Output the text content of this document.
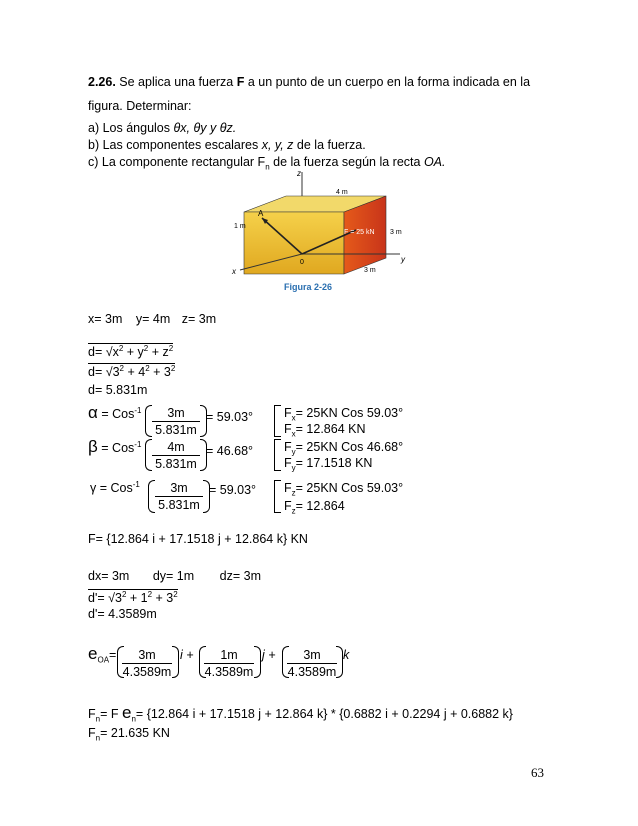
2.26. Se aplica una fuerza F a un punto de un cuerpo en la forma indicada en la
figura. Determinar:
a) Los ángulos θx, θy y θz.
b) Las componentes escalares x, y, z de la fuerza.
c) La componente rectangular $F_n$ de la fuerza según la recta OA.
z
x
y
4 m
1 m
3 m
3 m
A
F = 25 kN
0
Figura 2-26
x= 3m y= 4m z= 3m
$d= √x^2 + y^2 + z^2$
$d= √3^2 + 4^2 + 3^2$
d= 5.831m
$\alpha = Cos^{-1} \frac{3m}{5.831m} = 59.03^\circ$ $F_x= 25KN$ Cos 59.03°
$F_x= 12.864$ KN
$\beta = Cos^{-1} \frac{4m}{5.831m} = 46.68^\circ$ $F_y= 25KN$ Cos 46.68°
$F_y= 17.1518$ KN
$\gamma = Cos^{-1} \frac{3m}{5.831m} = 59.03^\circ$ $F_z= 25KN$ Cos 59.03°
$F_z= 12.864$
F= {12.864 i + 17.1518 j + 12.864 k} KN
dx= 3m dy= 1m dz= 3m
$d'= √3^2 + 1^2 + 3^2$
d'= 4.3589m
$e_{OA}= \frac{3m}{4.3589m}$ $i + \frac{1m}{4.3589m}$ $j + \frac{3m}{4.3589m}$ k
$F_n= F$ $e_n= \{12.864$ i + 17.1518 j + 12.864 k} * {0.6882 i + 0.2294 j + 0.6882 k}
$F_n= 21.635$ KN
63
